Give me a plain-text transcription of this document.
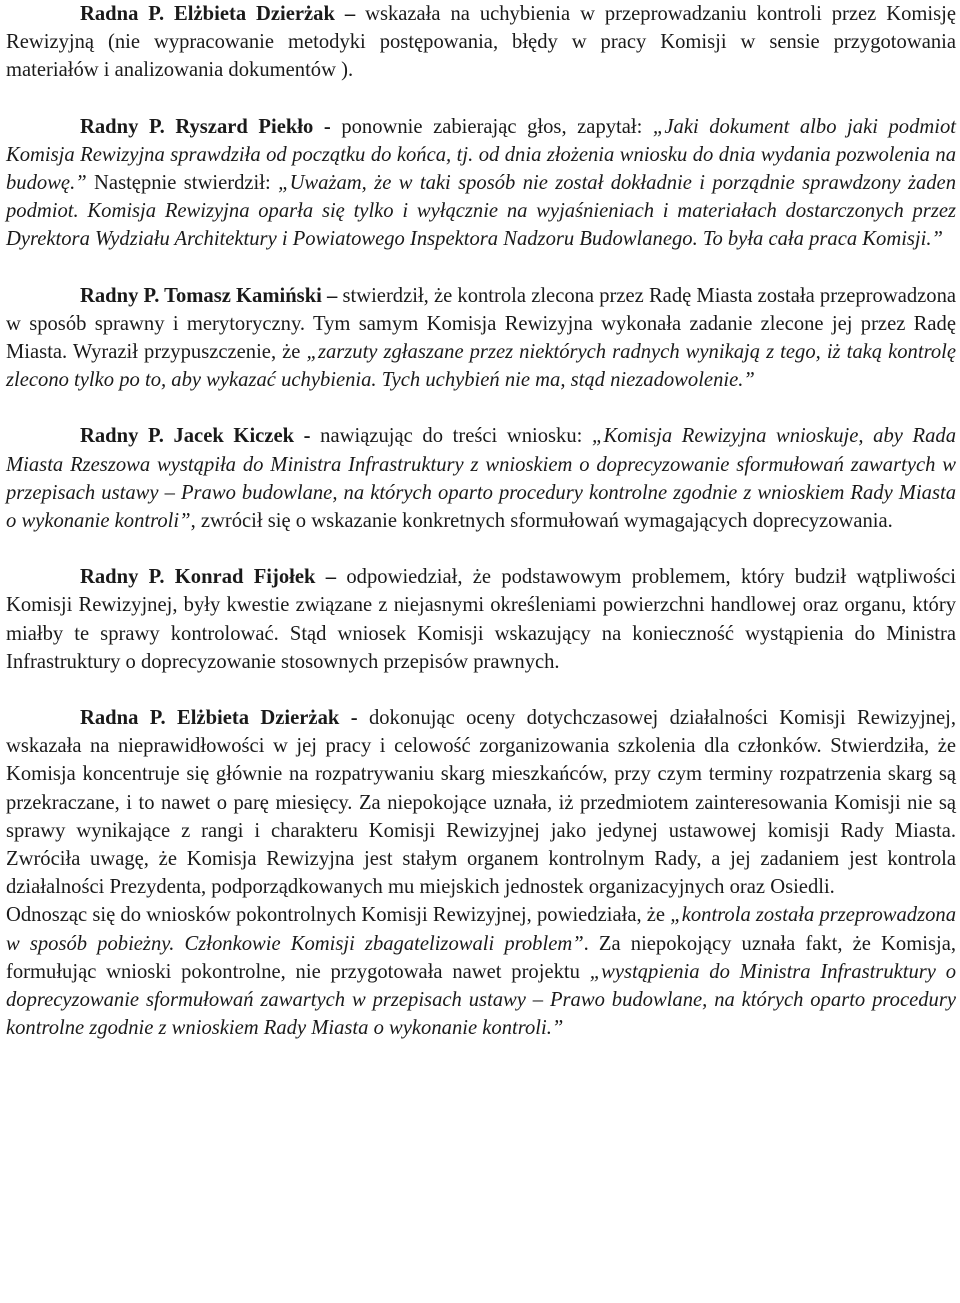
Radna P. Elżbieta Dzierżak – wskazała na uchybienia w przeprowadzaniu kontroli przez Komisję Rewizyjną (nie wypracowanie metodyki postępowania, błędy w pracy Komisji w sensie przygotowania materiałów i analizowania dokumentów ).

Radny P. Ryszard Piekło - ponownie zabierając głos, zapytał: „Jaki dokument albo jaki podmiot Komisja Rewizyjna sprawdziła od początku do końca, tj. od dnia złożenia wniosku do dnia wydania pozwolenia na budowę.” Następnie stwierdził: „Uważam, że w taki sposób nie został dokładnie i porządnie sprawdzony żaden podmiot. Komisja Rewizyjna oparła się tylko i wyłącznie na wyjaśnieniach i materiałach dostarczonych przez Dyrektora Wydziału Architektury i Powiatowego Inspektora Nadzoru Budowlanego. To była cała praca Komisji.”

Radny P. Tomasz Kamiński – stwierdził, że kontrola zlecona przez Radę Miasta została przeprowadzona w sposób sprawny i merytoryczny. Tym samym Komisja Rewizyjna wykonała zadanie zlecone jej przez Radę Miasta. Wyraził przypuszczenie, że „zarzuty zgłaszane przez niektórych radnych wynikają z tego, iż taką kontrolę zlecono tylko po to, aby wykazać uchybienia. Tych uchybień nie ma, stąd niezadowolenie.”

Radny P. Jacek Kiczek - nawiązując do treści wniosku: „Komisja Rewizyjna wnioskuje, aby Rada Miasta Rzeszowa wystąpiła do Ministra Infrastruktury z wnioskiem o doprecyzowanie sformułowań zawartych w przepisach ustawy – Prawo budowlane, na których oparto procedury kontrolne zgodnie z wnioskiem Rady Miasta o wykonanie kontroli”, zwrócił się o wskazanie konkretnych sformułowań wymagających doprecyzowania.

Radny P. Konrad Fijołek – odpowiedział, że podstawowym problemem, który budził wątpliwości Komisji Rewizyjnej, były kwestie związane z niejasnymi określeniami powierzchni handlowej oraz organu, który miałby te sprawy kontrolować. Stąd wniosek Komisji wskazujący na konieczność wystąpienia do Ministra Infrastruktury o doprecyzowanie stosownych przepisów prawnych.

Radna P. Elżbieta Dzierżak - dokonując oceny dotychczasowej działalności Komisji Rewizyjnej, wskazała na nieprawidłowości w jej pracy i celowość zorganizowania szkolenia dla członków. Stwierdziła, że Komisja koncentruje się głównie na rozpatrywaniu skarg mieszkańców, przy czym terminy rozpatrzenia skarg są przekraczane, i to nawet o parę miesięcy. Za niepokojące uznała, iż przedmiotem zainteresowania Komisji nie są sprawy wynikające z rangi i charakteru Komisji Rewizyjnej jako jedynej ustawowej komisji Rady Miasta. Zwróciła uwagę, że Komisja Rewizyjna jest stałym organem kontrolnym Rady, a jej zadaniem jest kontrola działalności Prezydenta, podporządkowanych mu miejskich jednostek organizacyjnych oraz Osiedli.

Odnosząc się do wniosków pokontrolnych Komisji Rewizyjnej, powiedziała, że „kontrola została przeprowadzona w sposób pobieżny. Członkowie Komisji zbagatelizowali problem”. Za niepokojący uznała fakt, że Komisja, formułując wnioski pokontrolne, nie przygotowała nawet projektu „wystąpienia do Ministra Infrastruktury o doprecyzowanie sformułowań zawartych w przepisach ustawy – Prawo budowlane, na których oparto procedury kontrolne zgodnie z wnioskiem Rady Miasta o wykonanie kontroli.”
